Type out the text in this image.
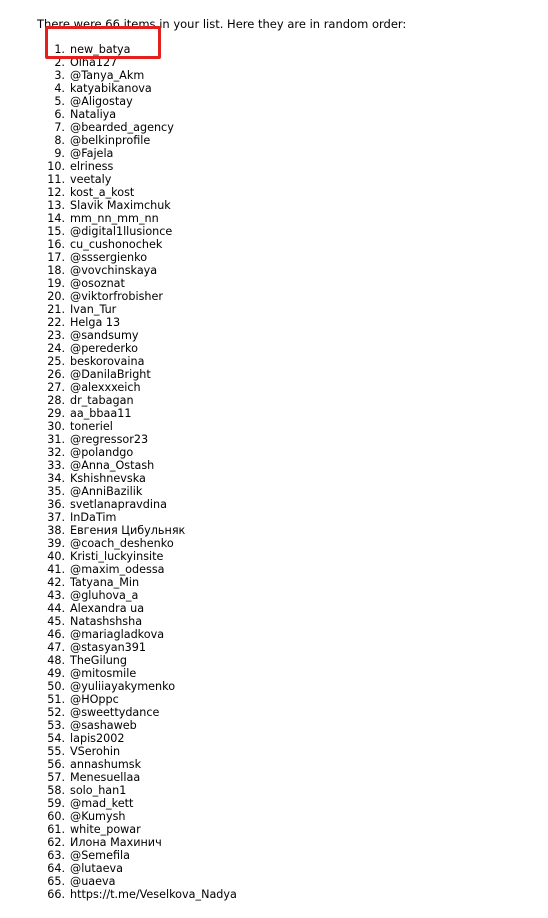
There were 66 items in your list. Here they are in random order:
1. new_batya
2. Olha127
3. @Tanya_Akm
4. katyabikanova
5. @Aligostay
6. Nataliya
7. @bearded_agency
8. @belkinprofile
9. @Fajela
10. elriness
11. veetaly
12. kost_a_kost
13. Slavik Maximchuk
14. mm_nn_mm_nn
15. @digital1llusionce
16. cu_cushonochek
17. @sssergienko
18. @vovchinskaya
19. @osoznat
20. @viktorfrobisher
21. Ivan_Tur
22. Helga 13
23. @sandsumy
24. @perederko
25. beskorovaina
26. @DanilaBright
27. @alexxxeich
28. dr_tabagan
29. aa_bbaa11
30. toneriel
31. @regressor23
32. @polandgo
33. @Anna_Ostash
34. Kshishnevska
35. @AnniBazilik
36. svetlanapravdina
37. InDaTim
38. Евгения Цибульняк
39. @coach_deshenko
40. Kristi_luckyinsite
41. @maxim_odessa
42. Tatyana_Min
43. @gluhova_a
44. Alexandra ua
45. Natashshsha
46. @mariagladkova
47. @stasyan391
48. TheGilung
49. @mitosmile
50. @yuliiayakymenko
51. @HOppc
52. @sweettydance
53. @sashaweb
54. lapis2002
55. VSerohin
56. annashumsk
57. Menesuellaa
58. solo_han1
59. @mad_kett
60. @Kumysh
61. white_powar
62. Илона Махинич
63. @Semefila
64. @lutaeva
65. @uaeva
66. https://t.me/Veselkova_Nadya
